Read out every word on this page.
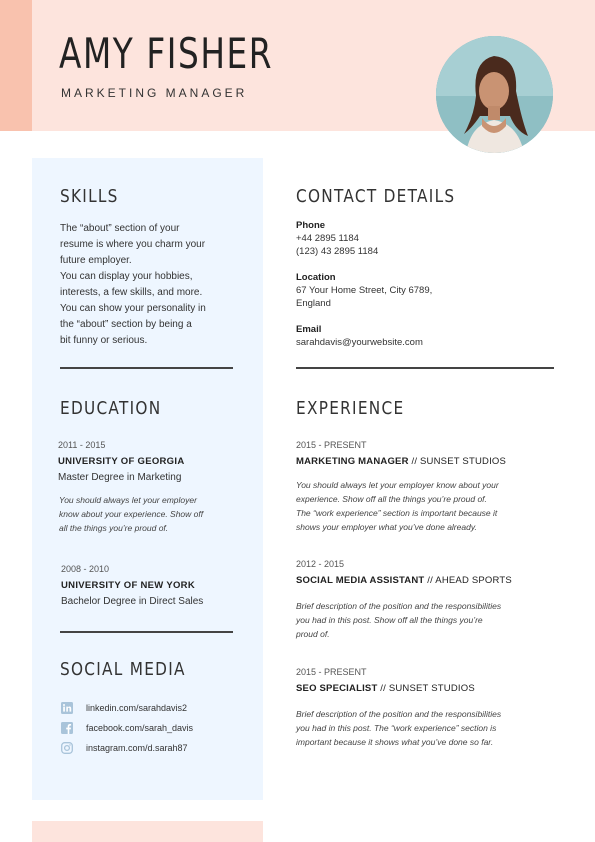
AMY FISHER
MARKETING MANAGER
SKILLS
The “about” section of your
resume is where you charm your
future employer.
You can display your hobbies,
interests, a few skills, and more.
You can show your personality in
the “about” section by being a
bit funny or serious.
EDUCATION
2011 - 2015
UNIVERSITY OF GEORGIA
Master Degree in Marketing
You should always let your employer
know about your experience. Show off
all the things you’re proud of.
2008 - 2010
UNIVERSITY OF NEW YORK
Bachelor Degree in Direct Sales
SOCIAL MEDIA
linkedin.com/sarahdavis2
facebook.com/sarah_davis
instagram.com/d.sarah87
CONTACT DETAILS
Phone
+44 2895 1184
(123) 43 2895 1184
Location
67 Your Home Street, City 6789,
England
Email
sarahdavis@yourwebsite.com
EXPERIENCE
2015 - PRESENT
MARKETING MANAGER // SUNSET STUDIOS
You should always let your employer know about your
experience. Show off all the things you’re proud of.
The “work experience” section is important because it
shows your employer what you’ve done already.
2012 - 2015
SOCIAL MEDIA ASSISTANT // AHEAD SPORTS
Brief description of the position and the responsibilities
you had in this post. Show off all the things you’re
proud of.
2015 - PRESENT
SEO SPECIALIST // SUNSET STUDIOS
Brief description of the position and the responsibilities
you had in this post. The “work experience” section is
important because it shows what you’ve done so far.
